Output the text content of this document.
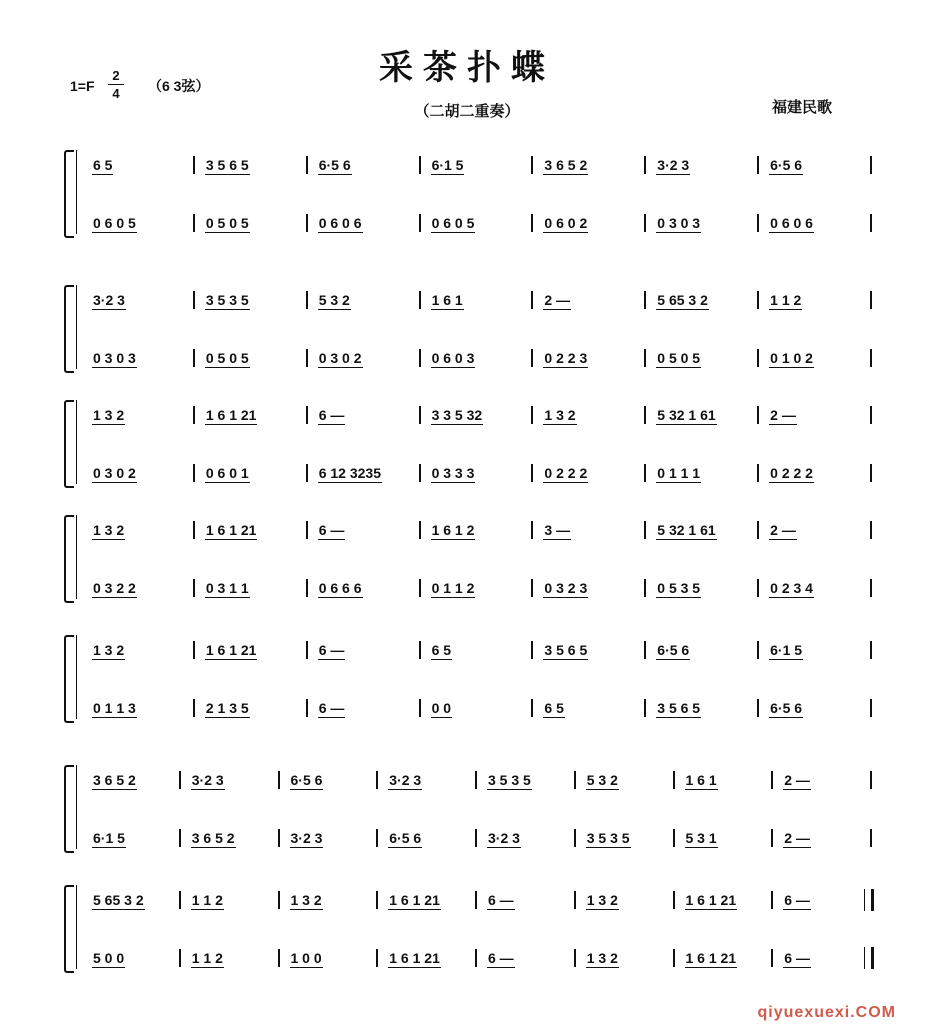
采茶扑蝶
（二胡二重奏）
$1=F \frac{2}{4} (6$ 3弦）
福建民歌
6 5	3 5 6 5	6·5 6	6·1 5	3 6 5 2	3·2 3	6·5 6
0 6 0 5	0 5 0 5	0 6 0 6	0 6 0 5	0 6 0 2	0 3 0 3	0 6 0 6
3·2 3	3 5 3 5	5 3 2	1 6 1	2 —	5 65 3 2	1 1 2
0 3 0 3	0 5 0 5	0 3 0 2	0 6 0 3	0 2 2 3	0 5 0 5	0 1 0 2
1 3 2	1 6 1 21	6 —	3 3 5 32	1 3 2	5 32 1 61	2 —
0 3 0 2	0 6 0 1	6 12 3235	0 3 3 3	0 2 2 2	0 1 1 1	0 2 2 2
1 3 2	1 6 1 21	6 —	1 6 1 2	3 —	5 32 1 61	2 —
0 3 2 2	0 3 1 1	0 6 6 6	0 1 1 2	0 3 2 3	0 5 3 5	0 2 3 4
1 3 2	1 6 1 21	6 —	6 5	3 5 6 5	6·5 6	6·1 5
0 1 1 3	2 1 3 5	6 —	0 0	6 5	3 5 6 5	6·5 6
3 6 5 2	3·2 3	6·5 6	3·2 3	3 5 3 5	5 3 2	1 6 1	2 —
6·1 5	3 6 5 2	3·2 3	6·5 6	3·2 3	3 5 3 5	5 3 1	2 —
5 65 3 2	1 1 2	1 3 2	1 6 1 21	6 —	1 3 2	1 6 1 21	6 —
5 0 0	1 1 2	1 0 0	1 6 1 21	6 —	1 3 2	1 6 1 21	6 —
qiyuexuexi.COM
